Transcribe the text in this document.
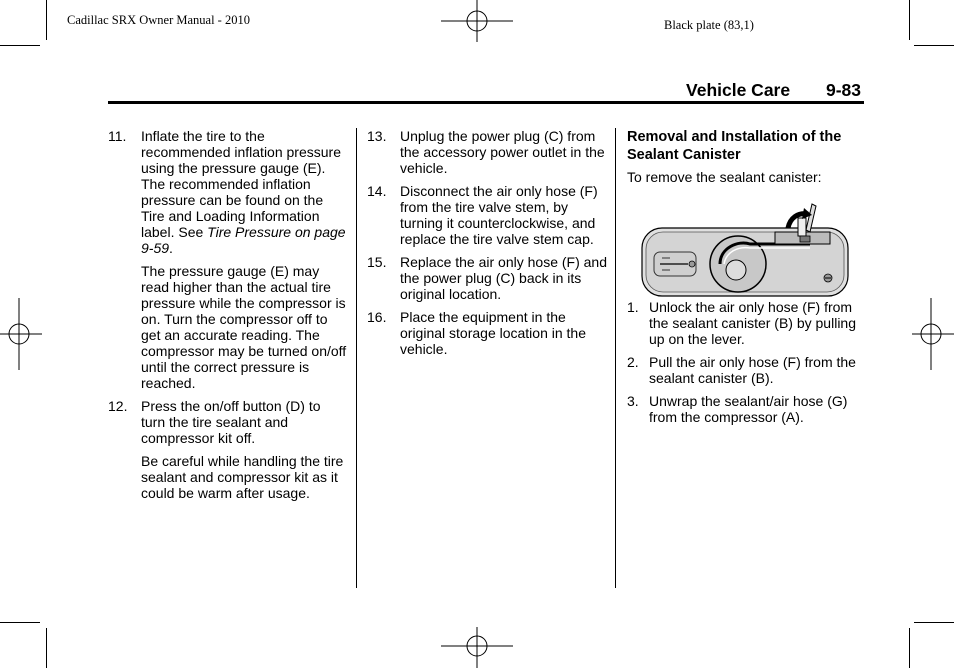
Cadillac SRX Owner Manual - 2010	Black plate (83,1)
Vehicle Care 9-83
11. Inflate the tire to the recommended inflation pressure using the pressure gauge (E). The recommended inflation pressure can be found on the Tire and Loading Information label. See Tire Pressure on page 9-59.
The pressure gauge (E) may read higher than the actual tire pressure while the compressor is on. Turn the compressor off to get an accurate reading. The compressor may be turned on/off until the correct pressure is reached.
12. Press the on/off button (D) to turn the tire sealant and compressor kit off.
Be careful while handling the tire sealant and compressor kit as it could be warm after usage.
13. Unplug the power plug (C) from the accessory power outlet in the vehicle.
14. Disconnect the air only hose (F) from the tire valve stem, by turning it counterclockwise, and replace the tire valve stem cap.
15. Replace the air only hose (F) and the power plug (C) back in its original location.
16. Place the equipment in the original storage location in the vehicle.
Removal and Installation of the Sealant Canister
To remove the sealant canister:
1. Unlock the air only hose (F) from the sealant canister (B) by pulling up on the lever.
2. Pull the air only hose (F) from the sealant canister (B).
3. Unwrap the sealant/air hose (G) from the compressor (A).
